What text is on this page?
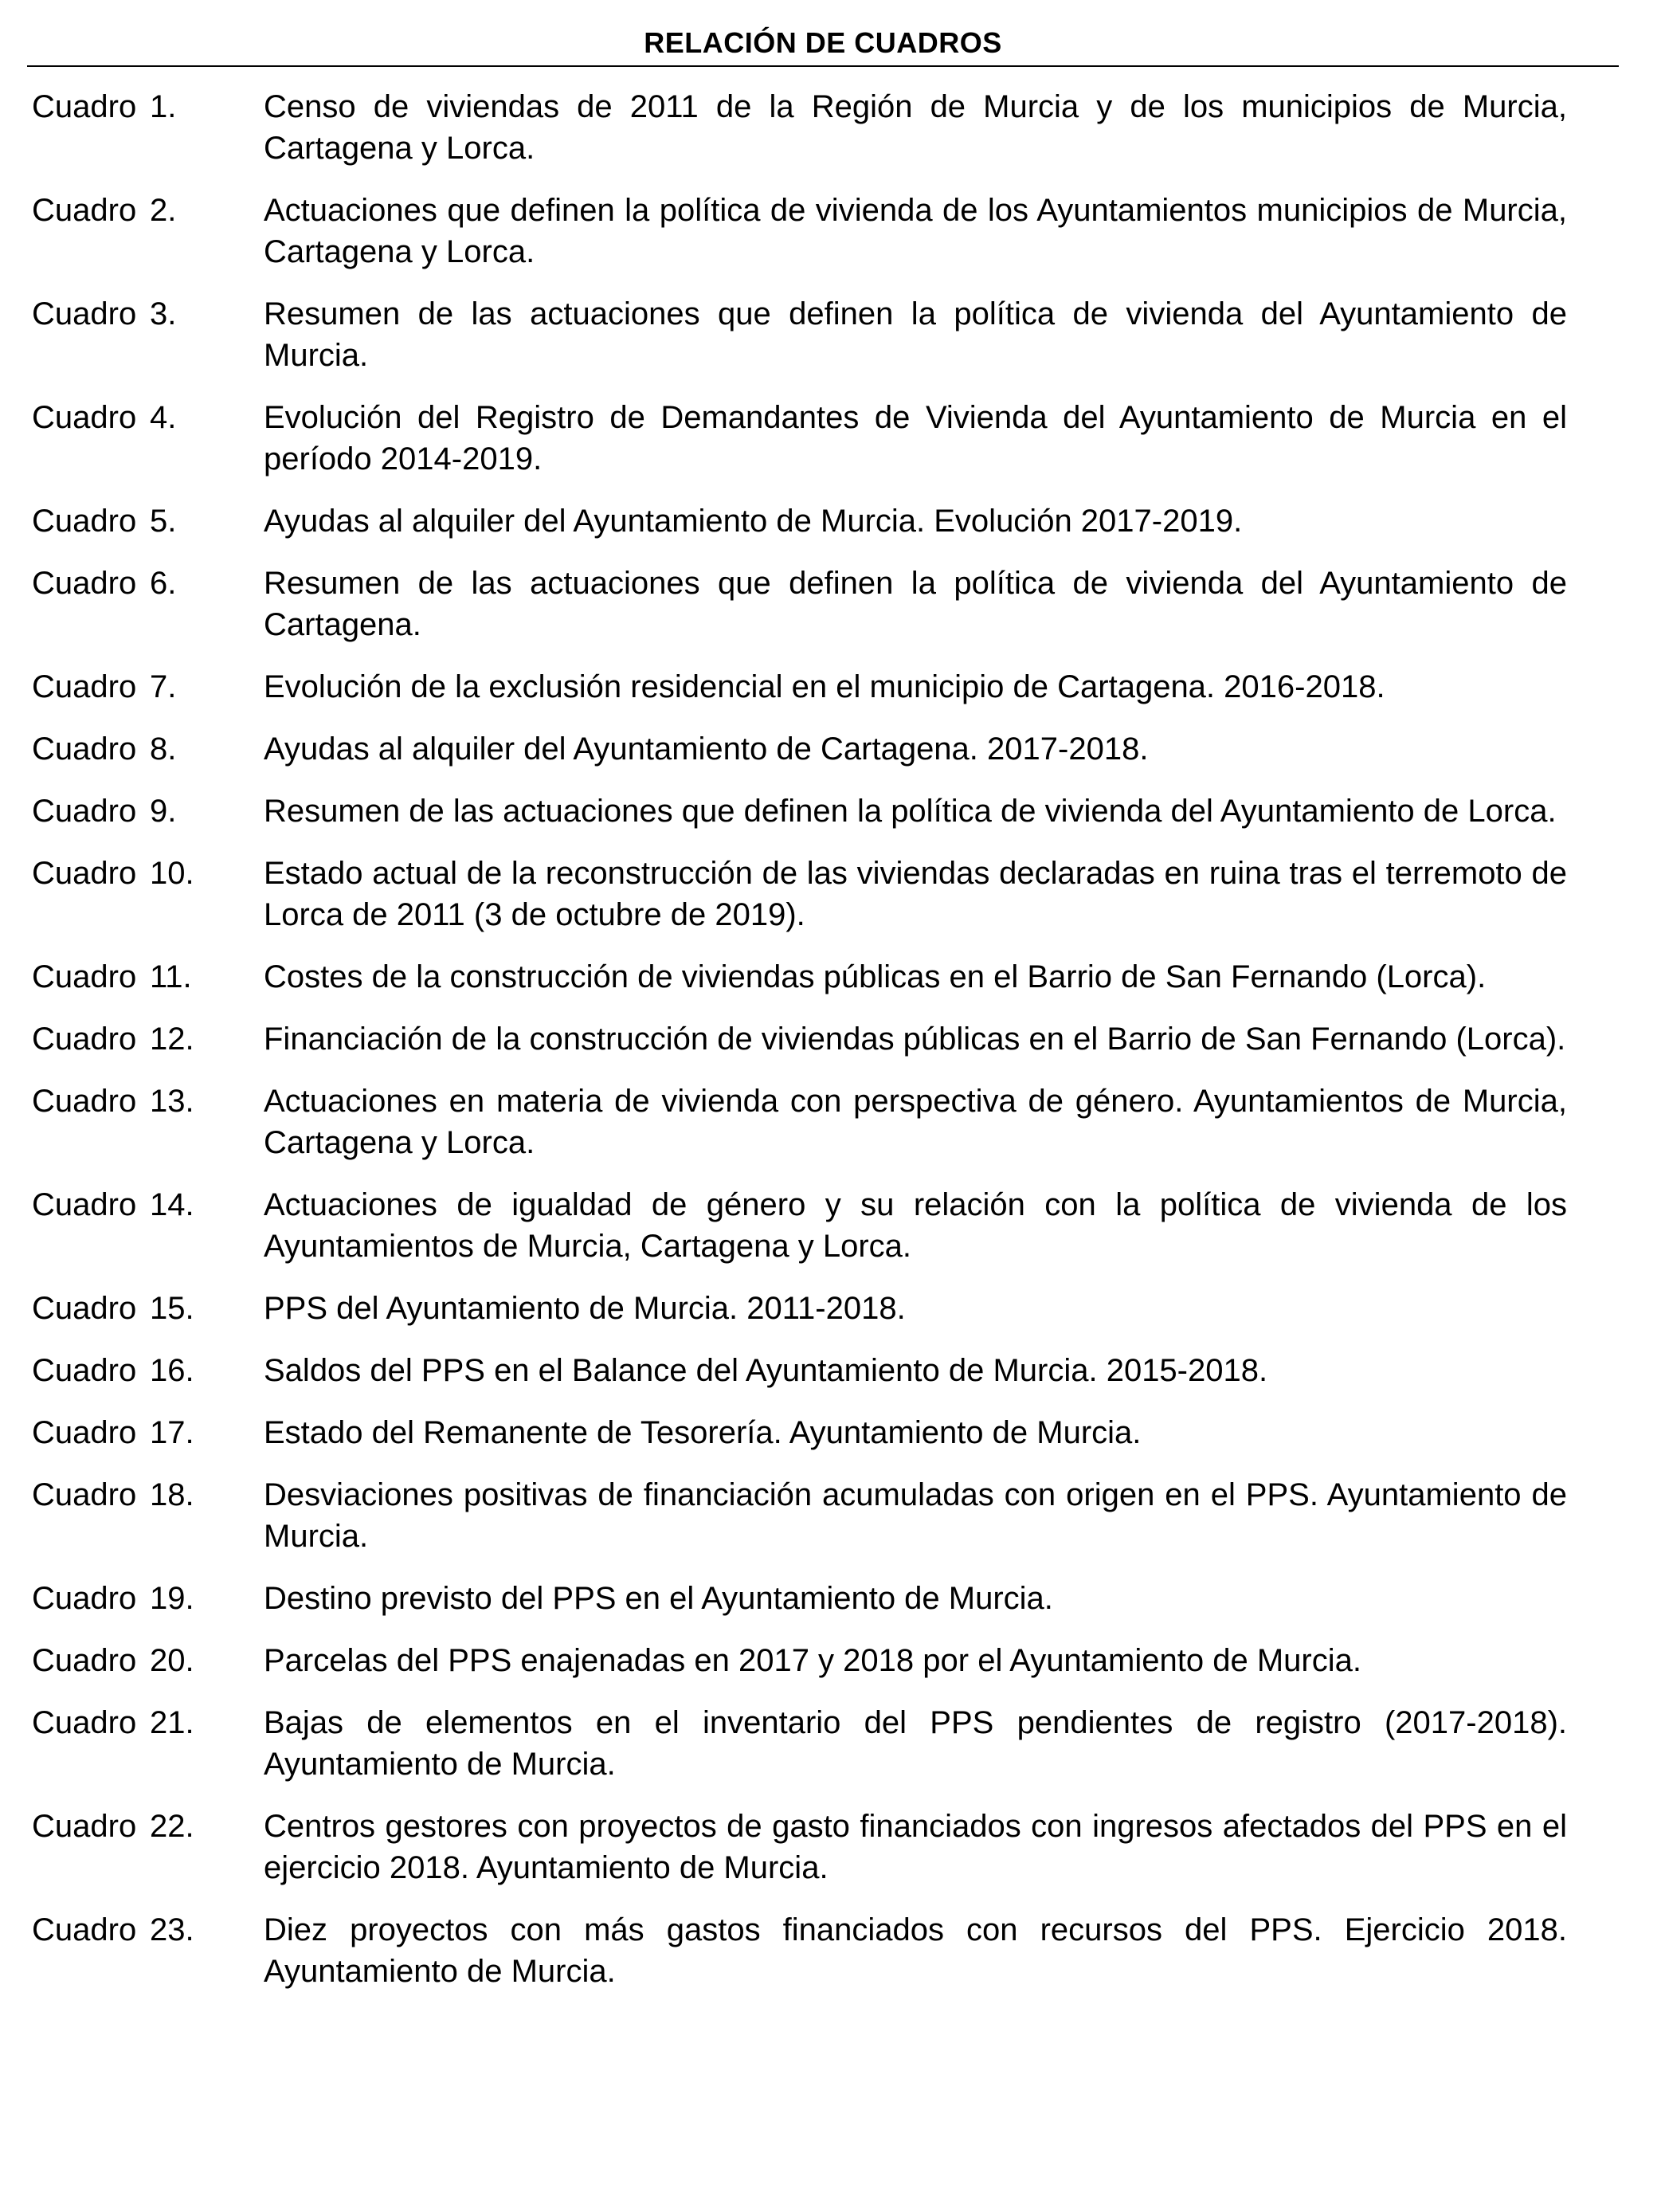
RELACIÓN DE CUADROS
Cuadro 1.	Censo de viviendas de 2011 de la Región de Murcia y de los municipios de Murcia, Cartagena y Lorca.
Cuadro 2.	Actuaciones que definen la política de vivienda de los Ayuntamientos municipios de Murcia, Cartagena y Lorca.
Cuadro 3.	Resumen de las actuaciones que definen la política de vivienda del Ayuntamiento de Murcia.
Cuadro 4.	Evolución del Registro de Demandantes de Vivienda del Ayuntamiento de Murcia en el período 2014-2019.
Cuadro 5.	Ayudas al alquiler del Ayuntamiento de Murcia. Evolución 2017-2019.
Cuadro 6.	Resumen de las actuaciones que definen la política de vivienda del Ayuntamiento de Cartagena.
Cuadro 7.	Evolución de la exclusión residencial en el municipio de Cartagena. 2016-2018.
Cuadro 8.	Ayudas al alquiler del Ayuntamiento de Cartagena. 2017-2018.
Cuadro 9.	Resumen de las actuaciones que definen la política de vivienda del Ayuntamiento de Lorca.
Cuadro 10. Estado actual de la reconstrucción de las viviendas declaradas en ruina tras el terremoto de Lorca de 2011 (3 de octubre de 2019).
Cuadro 11. Costes de la construcción de viviendas públicas en el Barrio de San Fernando (Lorca).
Cuadro 12. Financiación de la construcción de viviendas públicas en el Barrio de San Fernando (Lorca).
Cuadro 13. Actuaciones en materia de vivienda con perspectiva de género. Ayuntamientos de Murcia, Cartagena y Lorca.
Cuadro 14. Actuaciones de igualdad de género y su relación con la política de vivienda de los Ayuntamientos de Murcia, Cartagena y Lorca.
Cuadro 15. PPS del Ayuntamiento de Murcia. 2011-2018.
Cuadro 16. Saldos del PPS en el Balance del Ayuntamiento de Murcia. 2015-2018.
Cuadro 17. Estado del Remanente de Tesorería. Ayuntamiento de Murcia.
Cuadro 18. Desviaciones positivas de financiación acumuladas con origen en el PPS. Ayuntamiento de Murcia.
Cuadro 19. Destino previsto del PPS en el Ayuntamiento de Murcia.
Cuadro 20. Parcelas del PPS enajenadas en 2017 y 2018 por el Ayuntamiento de Murcia.
Cuadro 21. Bajas de elementos en el inventario del PPS pendientes de registro (2017-2018). Ayuntamiento de Murcia.
Cuadro 22. Centros gestores con proyectos de gasto financiados con ingresos afectados del PPS en el ejercicio 2018. Ayuntamiento de Murcia.
Cuadro 23. Diez proyectos con más gastos financiados con recursos del PPS. Ejercicio 2018. Ayuntamiento de Murcia.
